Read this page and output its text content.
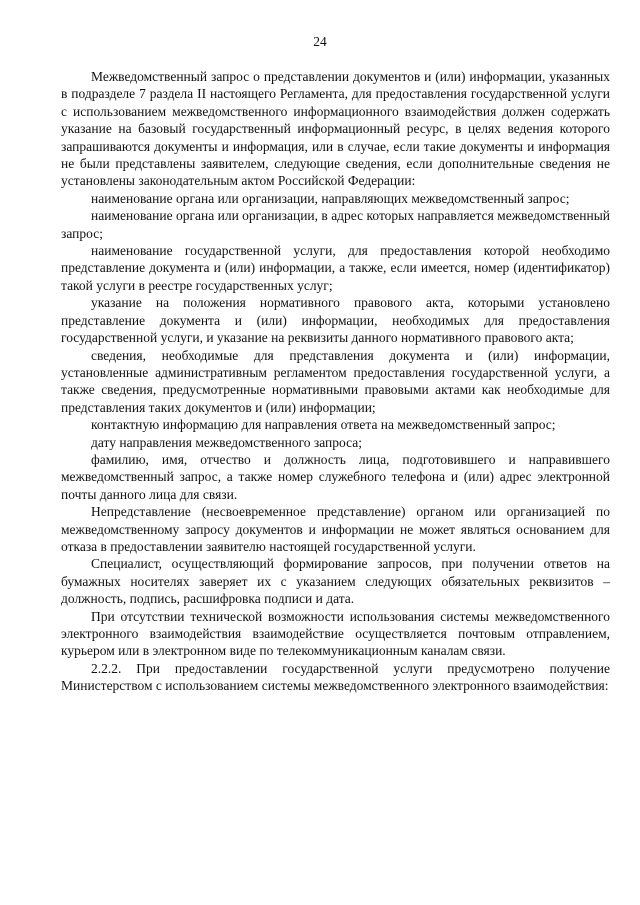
24

Межведомственный запрос о представлении документов и (или) информации, указанных в подразделе 7 раздела II настоящего Регламента, для предоставления государственной услуги с использованием межведомственного информационного взаимодействия должен содержать указание на базовый государственный информационный ресурс, в целях ведения которого запрашиваются документы и информация, или в случае, если такие документы и информация не были представлены заявителем, следующие сведения, если дополнительные сведения не установлены законодательным актом Российской Федерации:

наименование органа или организации, направляющих межведомственный запрос;

наименование органа или организации, в адрес которых направляется межведомственный запрос;

наименование государственной услуги, для предоставления которой необходимо представление документа и (или) информации, а также, если имеется, номер (идентификатор) такой услуги в реестре государственных услуг;

указание на положения нормативного правового акта, которыми установлено представление документа и (или) информации, необходимых для предоставления государственной услуги, и указание на реквизиты данного нормативного правового акта;

сведения, необходимые для представления документа и (или) информации, установленные административным регламентом предоставления государственной услуги, а также сведения, предусмотренные нормативными правовыми актами как необходимые для представления таких документов и (или) информации;

контактную информацию для направления ответа на межведомственный запрос;

дату направления межведомственного запроса;

фамилию, имя, отчество и должность лица, подготовившего и направившего межведомственный запрос, а также номер служебного телефона и (или) адрес электронной почты данного лица для связи.

Непредставление (несвоевременное представление) органом или организацией по межведомственному запросу документов и информации не может являться основанием для отказа в предоставлении заявителю настоящей государственной услуги.

Специалист, осуществляющий формирование запросов, при получении ответов на бумажных носителях заверяет их с указанием следующих обязательных реквизитов – должность, подпись, расшифровка подписи и дата.

При отсутствии технической возможности использования системы межведомственного электронного взаимодействия взаимодействие осуществляется почтовым отправлением, курьером или в электронном виде по телекоммуникационным каналам связи.

2.2.2. При предоставлении государственной услуги предусмотрено получение Министерством с использованием системы межведомственного электронного взаимодействия:
